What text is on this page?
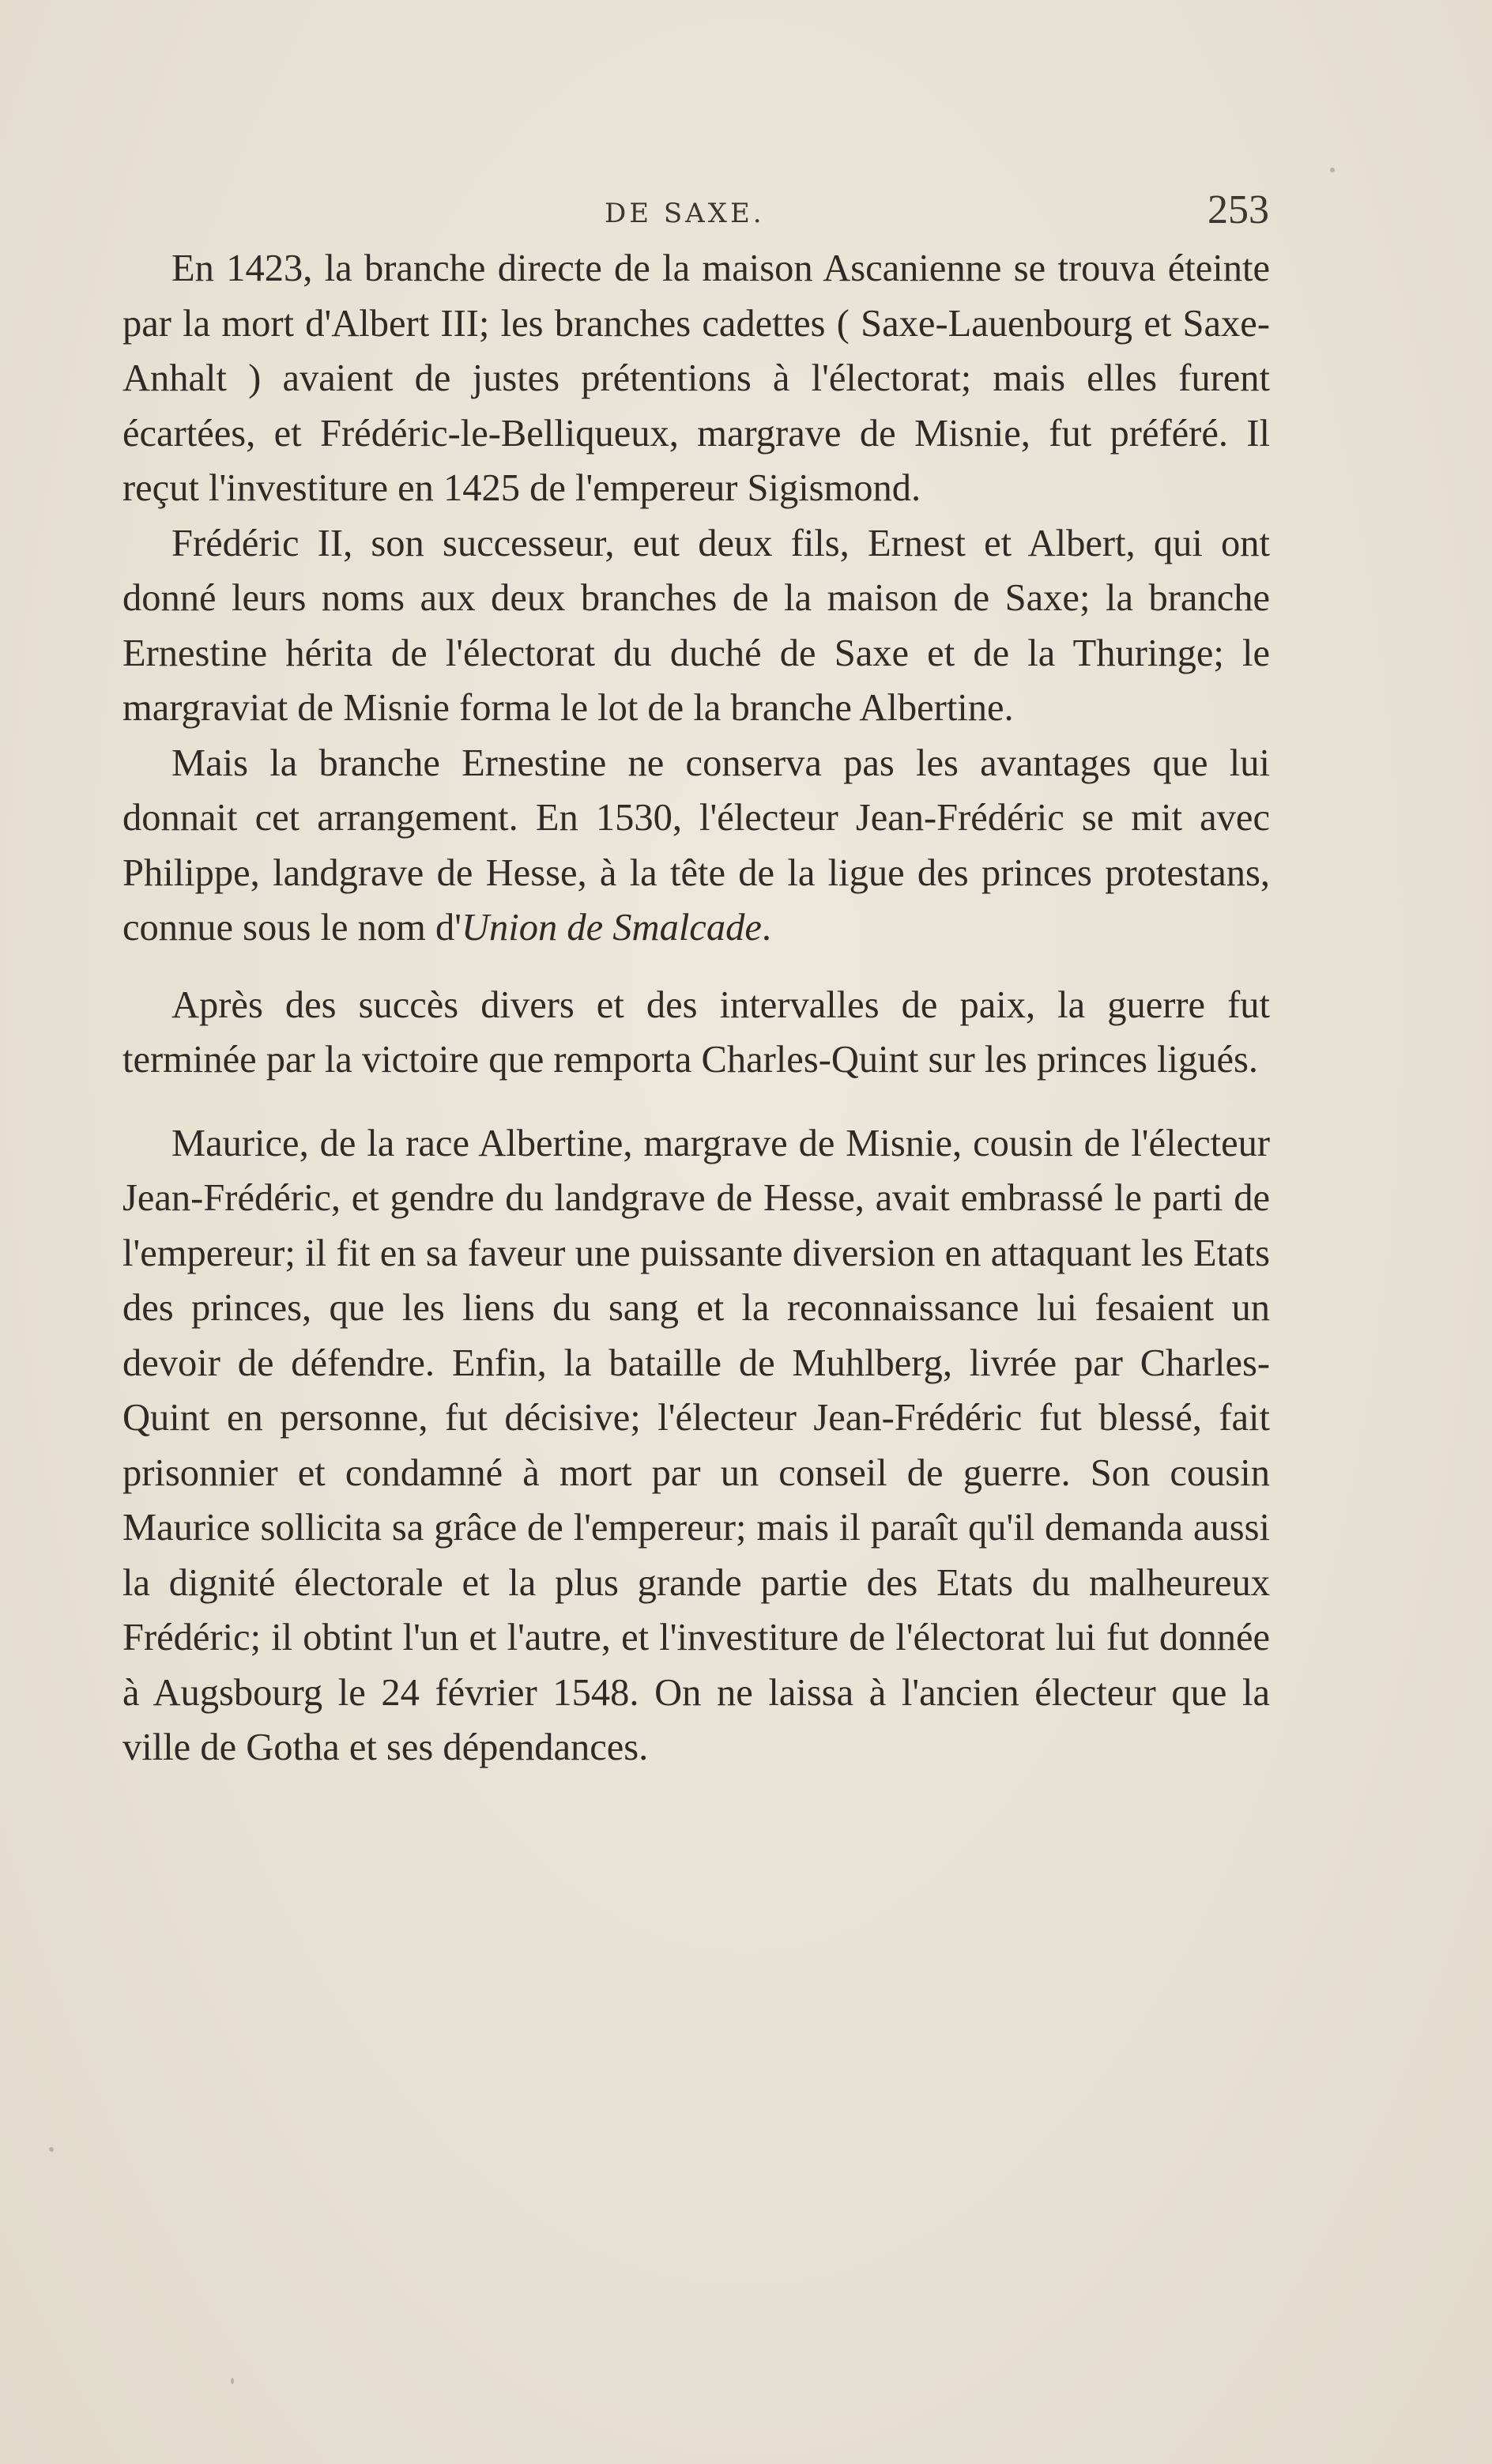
DE SAXE.	253

En 1423, la branche directe de la maison Ascanienne se trouva éteinte par la mort d'Albert III; les branches cadettes ( Saxe-Lauenbourg et Saxe-Anhalt ) avaient de justes prétentions à l'électorat; mais elles furent écartées, et Frédéric-le-Belliqueux, margrave de Misnie, fut préféré. Il reçut l'investiture en 1425 de l'empereur Sigismond.

Frédéric II, son successeur, eut deux fils, Ernest et Albert, qui ont donné leurs noms aux deux branches de la maison de Saxe; la branche Ernestine hérita de l'électorat du duché de Saxe et de la Thuringe; le margraviat de Misnie forma le lot de la branche Albertine.

Mais la branche Ernestine ne conserva pas les avantages que lui donnait cet arrangement. En 1530, l'électeur Jean-Frédéric se mit avec Philippe, landgrave de Hesse, à la tête de la ligue des princes protestans, connue sous le nom d'Union de Smalcade.

Après des succès divers et des intervalles de paix, la guerre fut terminée par la victoire que remporta Charles-Quint sur les princes ligués.

Maurice, de la race Albertine, margrave de Misnie, cousin de l'électeur Jean-Frédéric, et gendre du landgrave de Hesse, avait embrassé le parti de l'empereur; il fit en sa faveur une puissante diversion en attaquant les Etats des princes, que les liens du sang et la reconnaissance lui fesaient un devoir de défendre. Enfin, la bataille de Muhlberg, livrée par Charles-Quint en personne, fut décisive; l'électeur Jean-Frédéric fut blessé, fait prisonnier et condamné à mort par un conseil de guerre. Son cousin Maurice sollicita sa grâce de l'empereur; mais il paraît qu'il demanda aussi la dignité électorale et la plus grande partie des Etats du malheureux Frédéric; il obtint l'un et l'autre, et l'investiture de l'électorat lui fut donnée à Augsbourg le 24 février 1548. On ne laissa à l'ancien électeur que la ville de Gotha et ses dépendances.
